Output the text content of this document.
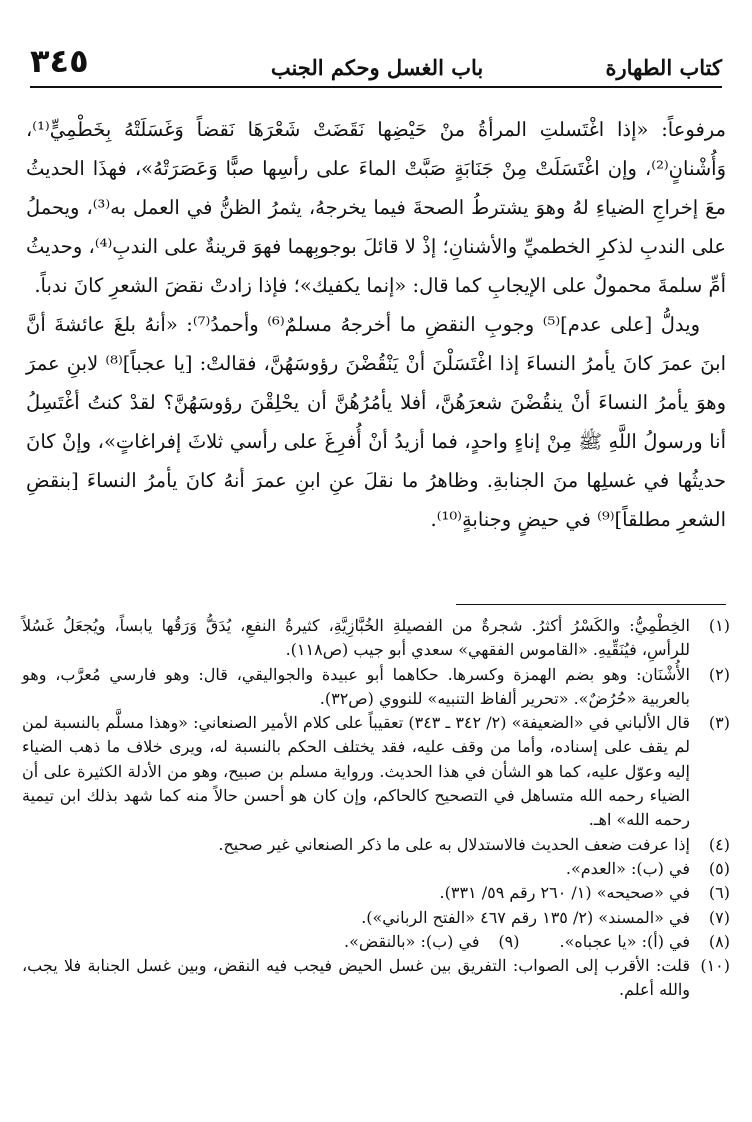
٣٤٥	باب الغسل وحكم الجنب	كتاب الطهارة

مرفوعاً: «إذا اغْتَسلتِ المرأةُ منْ حَيْضِها نَقَضَتْ شَعْرَهَا نَقضاً وَغَسَلَتْهُ بِخَطْمِيٍّ⁽¹⁾، وَأُشْنانٍ⁽²⁾، وإن اغْتَسَلَتْ مِنْ جَنَابَةٍ صَبَّتْ الماءَ على رأسِها صبًّا وَعَصَرَتْهُ»، فهذَا الحديثُ معَ إخراجِ الضياءِ لهُ وهوَ يشترطُ الصحةَ فيما يخرجهُ، يثمرُ الظنُّ في العمل به⁽³⁾، ويحملُ على الندبِ لذكرِ الخطميِّ والأشنانِ؛ إذْ لا قائلَ بوجوبِهما فهوَ قرينةٌ على الندبِ⁽⁴⁾، وحديثُ أمِّ سلمةَ محمولٌ على الإيجابِ كما قال: «إنما يكفيك»؛ فإذا زادتْ نقضَ الشعرِ كانَ ندباً.

ويدلُّ [على عدم]⁽⁵⁾ وجوبِ النقضِ ما أخرجهُ مسلمٌ⁽⁶⁾ وأحمدُ⁽⁷⁾: «أنهُ بلغَ عائشةَ أنَّ ابنَ عمرَ كانَ يأمرُ النساءَ إذا اغْتَسَلْنَ أنْ يَنْقُضْنَ رؤوسَهُنَّ، فقالتْ: [يا عجباً]⁽⁸⁾ لابنِ عمرَ وهوَ يأمرُ النساءَ أنْ ينقُضْنَ شعرَهُنَّ، أفلا يأمُرُهُنَّ أن يحْلِقْنَ رؤوسَهُنَّ؟ لقدْ كنتُ أغْتَسِلُ أنا ورسولُ اللَّهِ ﷺ مِنْ إناءٍ واحدٍ، فما أزيدُ أنْ أُفرِغَ على رأسي ثلاثَ إفراغاتٍ»، وإنْ كانَ حديثُها في غسلِها منَ الجنابةِ. وظاهرُ ما نقلَ عنِ ابنِ عمرَ أنهُ كانَ يأمرُ النساءَ [بنقضِ الشعرِ مطلقاً]⁽⁹⁾ في حيضٍ وجنابةٍ⁽¹⁰⁾.

(١)
الخِطْمِيُّ: والكَسْرُ أكثرُ. شجرةٌ من الفصيلةِ الخُبَّازِيَّةِ، كثيرةُ النفعِ، يُدَقُّ وَرَقُها يابساً، ويُجعَلُ غَسُلاً للرأسِ، فيُنَقِّيهِ. «القاموس الفقهي» سعدي أبو جيب (ص١١٨).
(٢)
الأُشْنَان: وهو بضم الهمزة وكسرها. حكاهما أبو عبيدة والجواليقي، قال: وهو فارسي مُعرَّب، وهو بالعربية «حُرُضٌ». «تحرير ألفاظ التنبيه» للنووي (ص٣٢).
(٣)
قال الألباني في «الضعيفة» (٢/ ٣٤٢ ـ ٣٤٣) تعقيباً على كلام الأمير الصنعاني: «وهذا مسلَّم بالنسبة لمن لم يقف على إسناده، وأما من وقف عليه، فقد يختلف الحكم بالنسبة له، ويرى خلاف ما ذهب الضياء إليه وعوّل عليه، كما هو الشأن في هذا الحديث. ورواية مسلم بن صبيح، وهو من الأدلة الكثيرة على أن الضياء رحمه الله متساهل في التصحيح كالحاكم، وإن كان هو أحسن حالاً منه كما شهد بذلك ابن تيمية رحمه الله» اهـ.
(٤)
إذا عرفت ضعف الحديث فالاستدلال به على ما ذكر الصنعاني غير صحيح.
(٥)
في (ب): «العدم».
(٦)
في «صحيحه» (١/ ٢٦٠ رقم ٥٩/ ٣٣١).
(٧)
في «المسند» (٢/ ١٣٥ رقم ٤٦٧ «الفتح الرباني»).
(٨)
في (أ): «يا عجباه».
(٩)
في (ب): «بالنقض».
(١٠)
قلت: الأقرب إلى الصواب: التفريق بين غسل الحيض فيجب فيه النقض، وبين غسل الجنابة فلا يجب، والله أعلم.
